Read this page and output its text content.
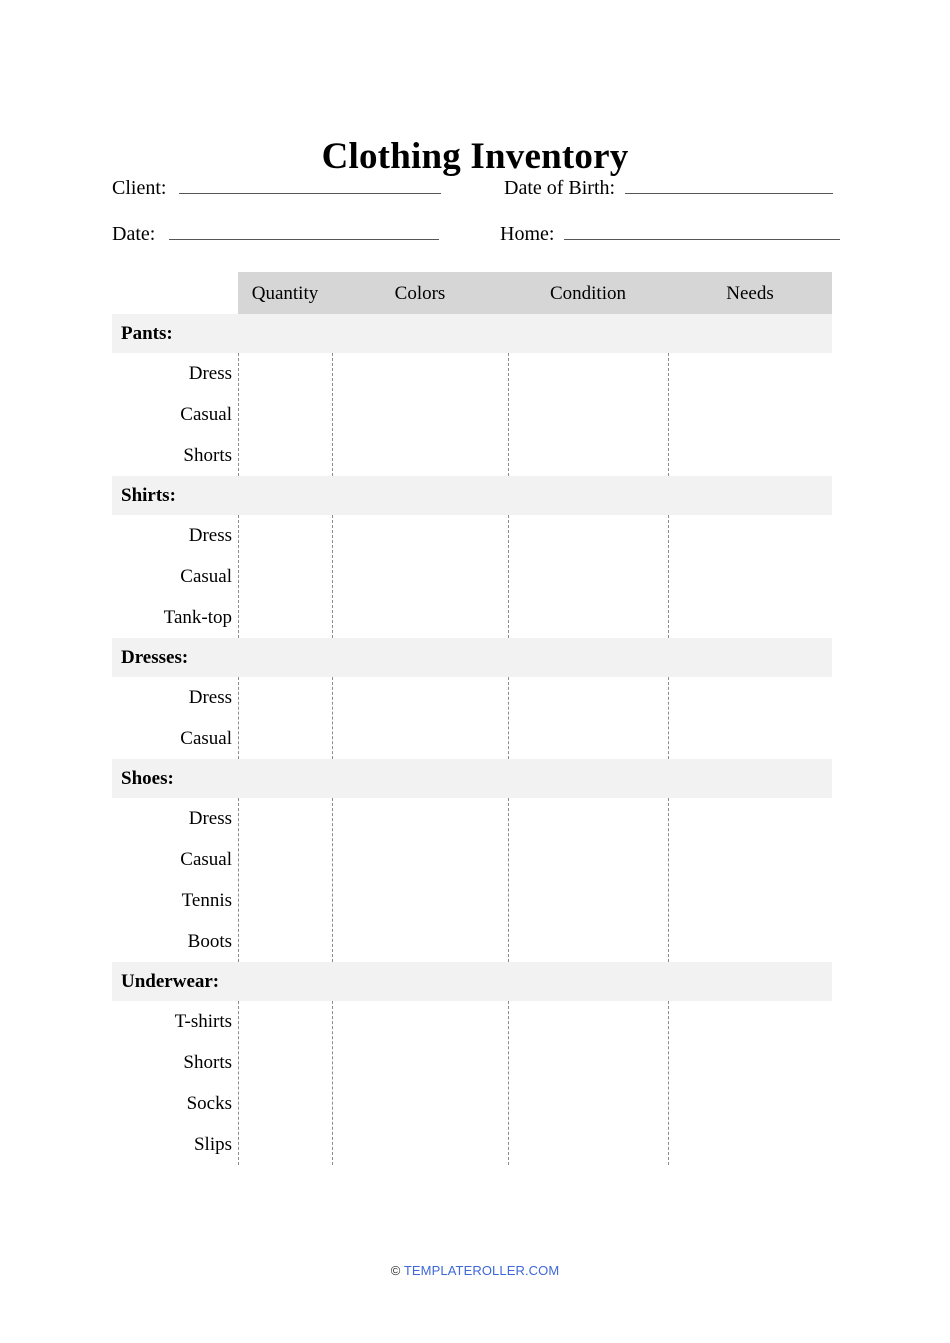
Clothing Inventory
Client:	Date of Birth:
Date:	Home:
Quantity	Colors	Condition	Needs
Pants:
Dress
Casual
Shorts
Shirts:
Dress
Casual
Tank-top
Dresses:
Dress
Casual
Shoes:
Dress
Casual
Tennis
Boots
Underwear:
T-shirts
Shorts
Socks
Slips
© TEMPLATEROLLER.COM
